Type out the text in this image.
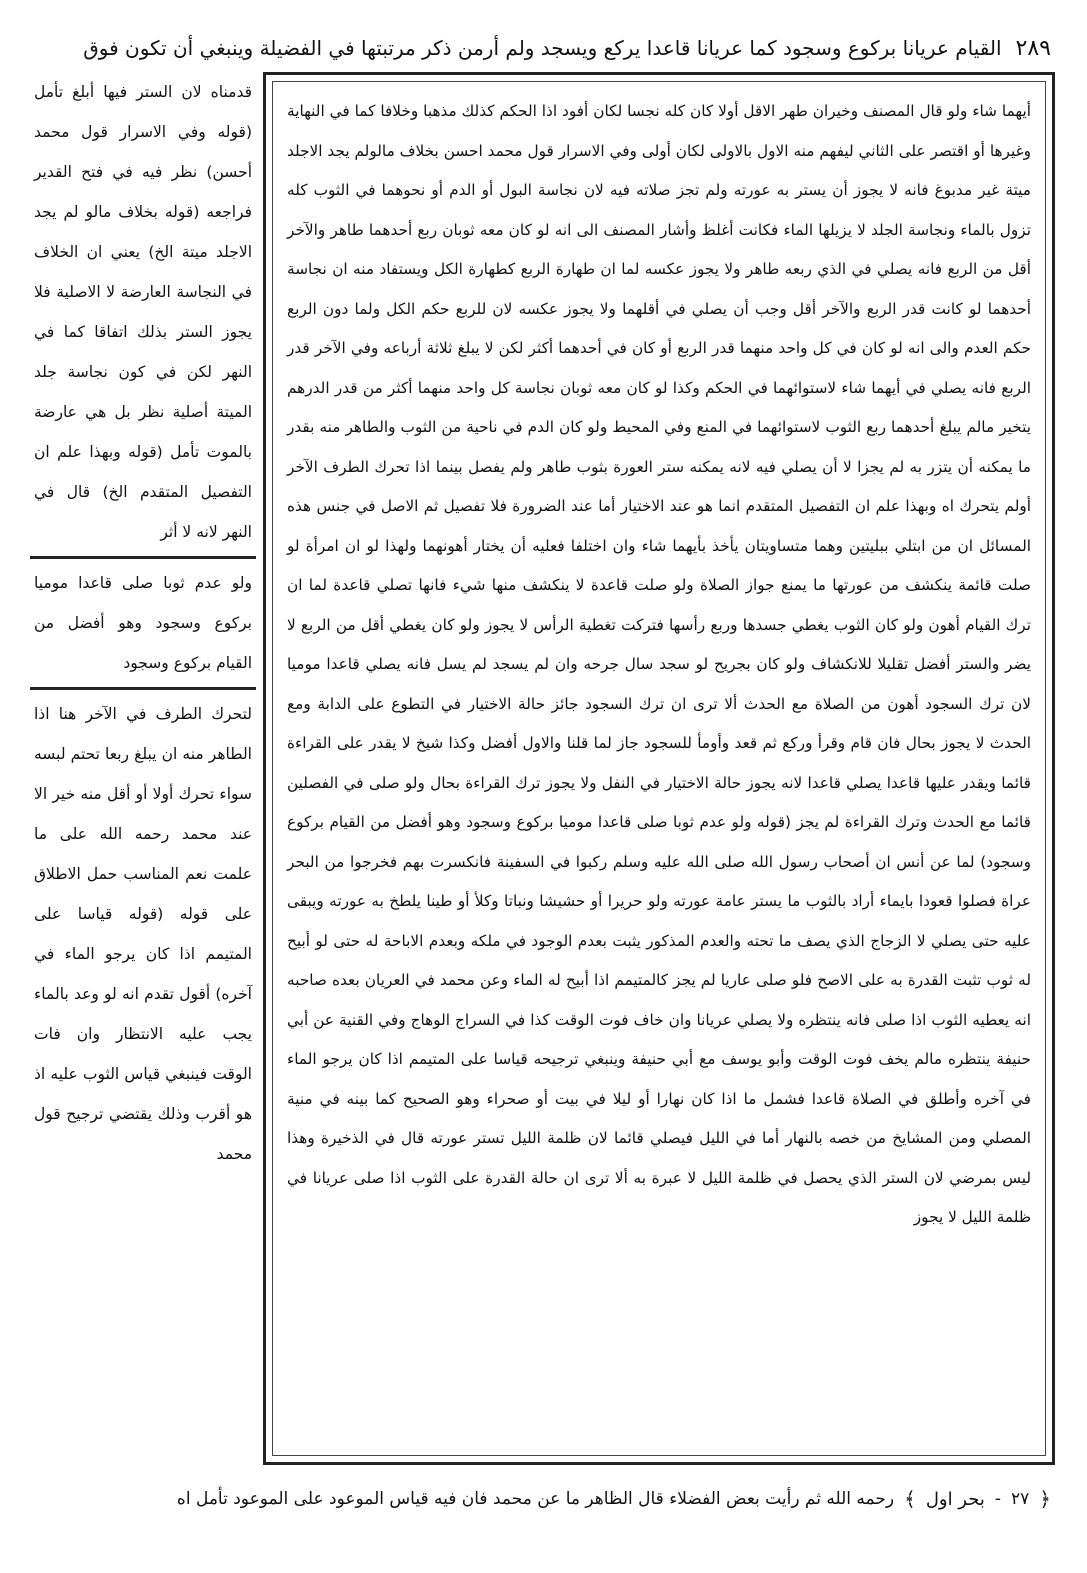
٢٨٩
القيام عريانا بركوع وسجود كما عريانا قاعدا يركع ويسجد ولم أرمن ذكر مرتبتها في الفضيلة وينبغي أن تكون فوق

أيهما شاء ولو قال المصنف وخيران طهر الاقل أولا كان كله نجسا لكان أفود اذا الحكم كذلك مذهبا وخلافا كما في النهاية وغيرها أو اقتصر على الثاني ليفهم منه الاول بالاولى لكان أولى وفي الاسرار قول محمد احسن بخلاف مالولم يجد الاجلد ميتة غير مدبوغ فانه لا يجوز أن يستر به عورته ولم تجز صلاته فيه لان نجاسة البول أو الدم أو نحوهما في الثوب كله تزول بالماء ونجاسة الجلد لا يزيلها الماء فكانت أغلظ وأشار المصنف الى انه لو كان معه ثوبان ربع أحدهما طاهر والآخر أقل من الربع فانه يصلي في الذي ربعه طاهر ولا يجوز عكسه لما ان طهارة الربع كطهارة الكل ويستفاد منه ان نجاسة أحدهما لو كانت قدر الربع والآخر أقل وجب أن يصلي في أقلهما ولا يجوز عكسه لان للربع حكم الكل ولما دون الربع حكم العدم والى انه لو كان في كل واحد منهما قدر الربع أو كان في أحدهما أكثر لكن لا يبلغ ثلاثة أرباعه وفي الآخر قدر الربع فانه يصلي في أيهما شاء لاستوائهما في الحكم وكذا لو كان معه ثوبان نجاسة كل واحد منهما أكثر من قدر الدرهم يتخير مالم يبلغ أحدهما ربع الثوب لاستوائهما في المنع وفي المحيط ولو كان الدم في ناحية من الثوب والطاهر منه بقدر ما يمكنه أن يتزر به لم يجزا لا أن يصلي فيه لانه يمكنه ستر العورة بثوب طاهر ولم يفصل بينما اذا تحرك الطرف الآخر أولم يتحرك اه وبهذا علم ان التفصيل المتقدم انما هو عند الاختيار أما عند الضرورة فلا تفصيل ثم الاصل في جنس هذه المسائل ان من ابتلي ببليتين وهما متساويتان يأخذ بأيهما شاء وان اختلفا فعليه أن يختار أهونهما ولهذا لو ان امرأة لو صلت قائمة ينكشف من عورتها ما يمنع جواز الصلاة ولو صلت قاعدة لا ينكشف منها شيء فانها تصلي قاعدة لما ان ترك القيام أهون ولو كان الثوب يغطي جسدها وربع رأسها فتركت تغطية الرأس لا يجوز ولو كان يغطي أقل من الربع لا يضر والستر أفضل تقليلا للانكشاف ولو كان بجريح لو سجد سال جرحه وان لم يسجد لم يسل فانه يصلي قاعدا موميا لان ترك السجود أهون من الصلاة مع الحدث ألا ترى ان ترك السجود جائز حالة الاختيار في التطوع على الدابة ومع الحدث لا يجوز بحال فان قام وقرأ وركع ثم قعد وأومأ للسجود جاز لما قلنا والاول أفضل وكذا شيخ لا يقدر على القراءة قائما ويقدر عليها قاعدا يصلي قاعدا لانه يجوز حالة الاختيار في النفل ولا يجوز ترك القراءة بحال ولو صلى في الفصلين قائما مع الحدث وترك القراءة لم يجز (قوله ولو عدم ثوبا صلى قاعدا موميا بركوع وسجود وهو أفضل من القيام بركوع وسجود) لما عن أنس ان أصحاب رسول الله صلى الله عليه وسلم ركبوا في السفينة فانكسرت بهم فخرجوا من البحر عراة فصلوا قعودا بايماء أراد بالثوب ما يستر عامة عورته ولو حريرا أو حشيشا ونباتا وكلأ أو طينا يلطخ به عورته ويبقى عليه حتى يصلي لا الزجاج الذي يصف ما تحته والعدم المذكور يثبت بعدم الوجود في ملكه وبعدم الاباحة له حتى لو أبيح له ثوب تثبت القدرة به على الاصح فلو صلى عاريا لم يجز كالمتيمم اذا أبيح له الماء وعن محمد في العريان بعده صاحبه انه يعطيه الثوب اذا صلى فانه ينتظره ولا يصلي عريانا وان خاف فوت الوقت كذا في السراج الوهاج وفي القنية عن أبي حنيفة ينتظره مالم يخف فوت الوقت وأبو يوسف مع أبي حنيفة وينبغي ترجيحه قياسا على المتيمم اذا كان يرجو الماء في آخره وأطلق في الصلاة قاعدا فشمل ما اذا كان نهارا أو ليلا في بيت أو صحراء وهو الصحيح كما بينه في منية المصلي ومن المشايخ من خصه بالنهار أما في الليل فيصلي قائما لان ظلمة الليل تستر عورته قال في الذخيرة وهذا ليس بمرضي لان الستر الذي يحصل في ظلمة الليل لا عبرة به ألا ترى ان حالة القدرة على الثوب اذا صلى عريانا في ظلمة الليل لا يجوز

قدمناه لان الستر فيها أبلغ تأمل (قوله وفي الاسرار قول محمد أحسن) نظر فيه في فتح القدير فراجعه (قوله بخلاف مالو لم يجد الاجلد ميتة الخ) يعني ان الخلاف في النجاسة العارضة لا الاصلية فلا يجوز الستر بذلك اتفاقا كما في النهر لكن في كون نجاسة جلد الميتة أصلية نظر بل هي عارضة بالموت تأمل (قوله وبهذا علم ان التفصيل المتقدم الخ) قال في النهر لانه لا أثر

ولو عدم ثوبا صلى قاعدا موميا بركوع وسجود وهو أفضل من القيام بركوع وسجود

لتحرك الطرف في الآخر هنا اذا الطاهر منه ان يبلغ ربعا تحتم لبسه سواء تحرك أولا أو أقل منه خير الا عند محمد رحمه الله على ما علمت نعم المناسب حمل الاطلاق على قوله (قوله قياسا على المتيمم اذا كان يرجو الماء في آخره) أقول تقدم انه لو وعد بالماء يجب عليه الانتظار وان فات الوقت فينبغي قياس الثوب عليه اذ هو أقرب وذلك يقتضي ترجيح قول محمد

﴿
٢٧
-
بحر اول
﴾
رحمه الله ثم رأيت بعض الفضلاء قال الظاهر ما عن محمد فان فيه قياس الموعود على الموعود تأمل اه
